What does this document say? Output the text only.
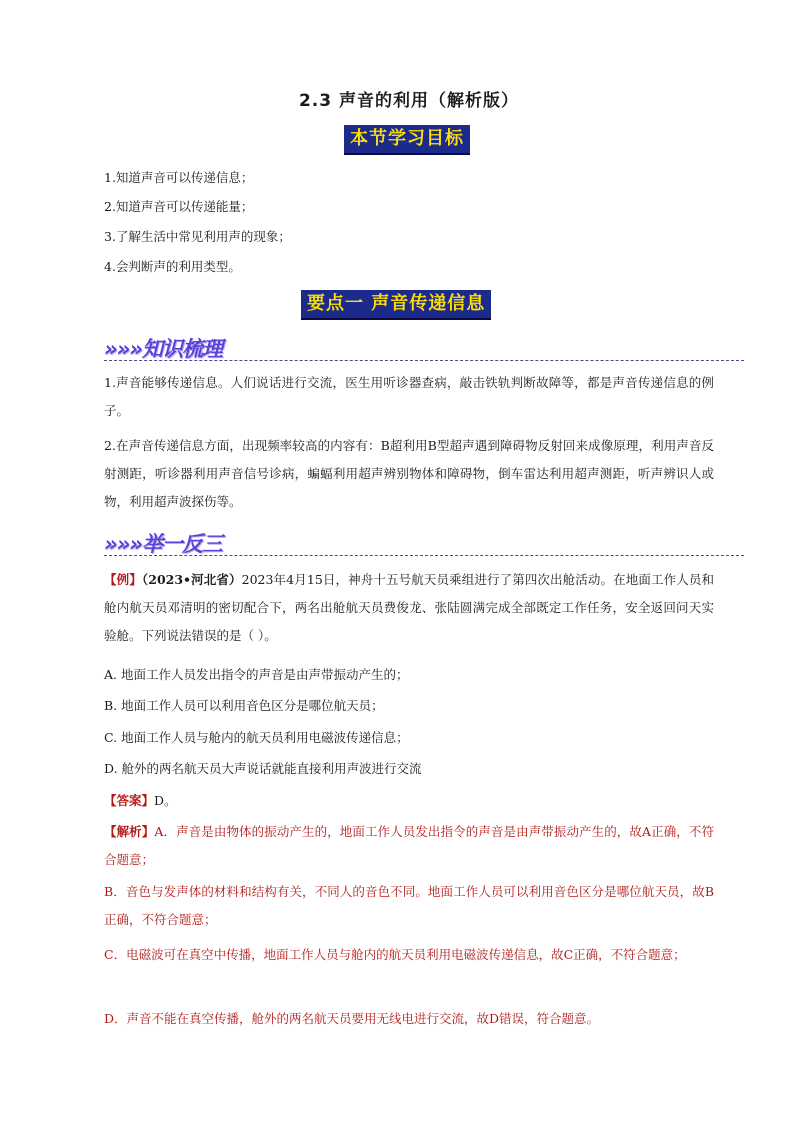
2.3 声音的利用（解析版）
本节学习目标
1.知道声音可以传递信息；
2.知道声音可以传递能量；
3.了解生活中常见利用声的现象；
4.会判断声的利用类型。
要点一 声音传递信息
»»»知识梳理
1.声音能够传递信息。人们说话进行交流，医生用听诊器查病，敲击铁轨判断故障等，都是声音传递信息的例子。
2.在声音传递信息方面，出现频率较高的内容有：B超利用B型超声遇到障碍物反射回来成像原理，利用声音反射测距，听诊器利用声音信号诊病，蝙蝠利用超声辨别物体和障碍物，倒车雷达利用超声测距，听声辨识人或物，利用超声波探伤等。
»»»举一反三
【例】（2023•河北省）2023年4月15日，神舟十五号航天员乘组进行了第四次出舱活动。在地面工作人员和舱内航天员邓清明的密切配合下，两名出舱航天员费俊龙、张陆圆满完成全部既定工作任务，安全返回问天实验舱。下列说法错误的是（ ）。
A. 地面工作人员发出指令的声音是由声带振动产生的；
B. 地面工作人员可以利用音色区分是哪位航天员；
C. 地面工作人员与舱内的航天员利用电磁波传递信息；
D. 舱外的两名航天员大声说话就能直接利用声波进行交流
【答案】D。
【解析】A．声音是由物体的振动产生的，地面工作人员发出指令的声音是由声带振动产生的，故A正确，不符合题意；
B．音色与发声体的材料和结构有关，不同人的音色不同。地面工作人员可以利用音色区分是哪位航天员，故B正确，不符合题意；
C．电磁波可在真空中传播，地面工作人员与舱内的航天员利用电磁波传递信息，故C正确，不符合题意；
D．声音不能在真空传播，舱外的两名航天员要用无线电进行交流，故D错误，符合题意。
